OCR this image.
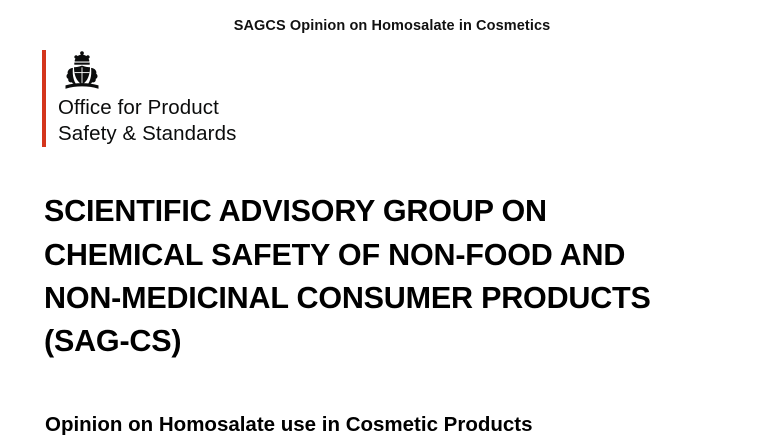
SAGCS Opinion on Homosalate in Cosmetics
Office for Product
Safety & Standards
SCIENTIFIC ADVISORY GROUP ON CHEMICAL SAFETY OF NON-FOOD AND NON-MEDICINAL CONSUMER PRODUCTS (SAG-CS)
Opinion on Homosalate use in Cosmetic Products
